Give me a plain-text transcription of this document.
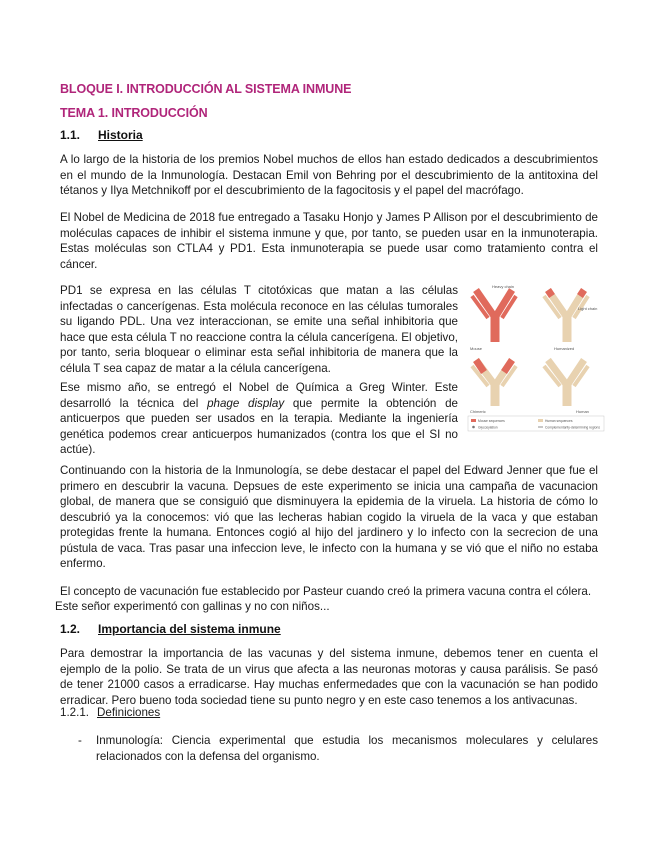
BLOQUE I. INTRODUCCIÓN AL SISTEMA INMUNE
TEMA 1. INTRODUCCIÓN
1.1. Historia

A lo largo de la historia de los premios Nobel muchos de ellos han estado dedicados a descubrimientos en el mundo de la Inmunología. Destacan Emil von Behring por el descubrimiento de la antitoxina del tétanos y Ilya Metchnikoff por el descubrimiento de la fagocitosis y el papel del macrófago.

El Nobel de Medicina de 2018 fue entregado a Tasaku Honjo y James P Allison por el descubrimiento de moléculas capaces de inhibir el sistema inmune y que, por tanto, se pueden usar en la inmunoterapia. Estas moléculas son CTLA4 y PD1. Esta inmunoterapia se puede usar como tratamiento contra el cáncer.

PD1 se expresa en las células T citotóxicas que matan a las células infectadas o cancerígenas. Esta molécula reconoce en las células tumorales su ligando PDL. Una vez interaccionan, se emite una señal inhibitoria que hace que esta célula T no reaccione contra la célula cancerígena. El objetivo, por tanto, seria bloquear o eliminar esta señal inhibitoria de manera que la célula T sea capaz de matar a la célula cancerígena.

Ese mismo año, se entregó el Nobel de Química a Greg Winter. Este desarrolló la técnica del phage display que permite la obtención de anticuerpos que pueden ser usados en la terapia. Mediante la ingeniería genética podemos crear anticuerpos humanizados (contra los que el SI no actúe).

Heavy chain
Mouse
Light chain
Humanized
Chimeric	Human
Mouse sequences	Human sequences
Glycosylation	Complementarity-determining regions

Continuando con la historia de la Inmunología, se debe destacar el papel del Edward Jenner que fue el primero en descubrir la vacuna. Depsues de este experimento se inicia una campaña de vacunacion global, de manera que se consiguió que disminuyera la epidemia de la viruela. La historia de cómo lo descubrió ya la conocemos: vió que las lecheras habian cogido la viruela de la vaca y que estaban protegidas frente la humana. Entonces cogió al hijo del jardinero y lo infecto con la secrecion de una pústula de vaca. Tras pasar una infeccion leve, le infecto con la humana y se vió que el niño no estaba enfermo.

El concepto de vacunación fue establecido por Pasteur cuando creó la primera vacuna contra el cólera.

Este señor experimentó con gallinas y no con niños...

1.2. Importancia del sistema inmune

Para demostrar la importancia de las vacunas y del sistema inmune, debemos tener en cuenta el ejemplo de la polio. Se trata de un virus que afecta a las neuronas motoras y causa parálisis. Se pasó de tener 21000 casos a erradicarse. Hay muchas enfermedades que con la vacunación se han podido erradicar. Pero bueno toda sociedad tiene su punto negro y en este caso tenemos a los antivacunas.

1.2.1. Definiciones
- Inmunología: Ciencia experimental que estudia los mecanismos moleculares y celulares relacionados con la defensa del organismo.
